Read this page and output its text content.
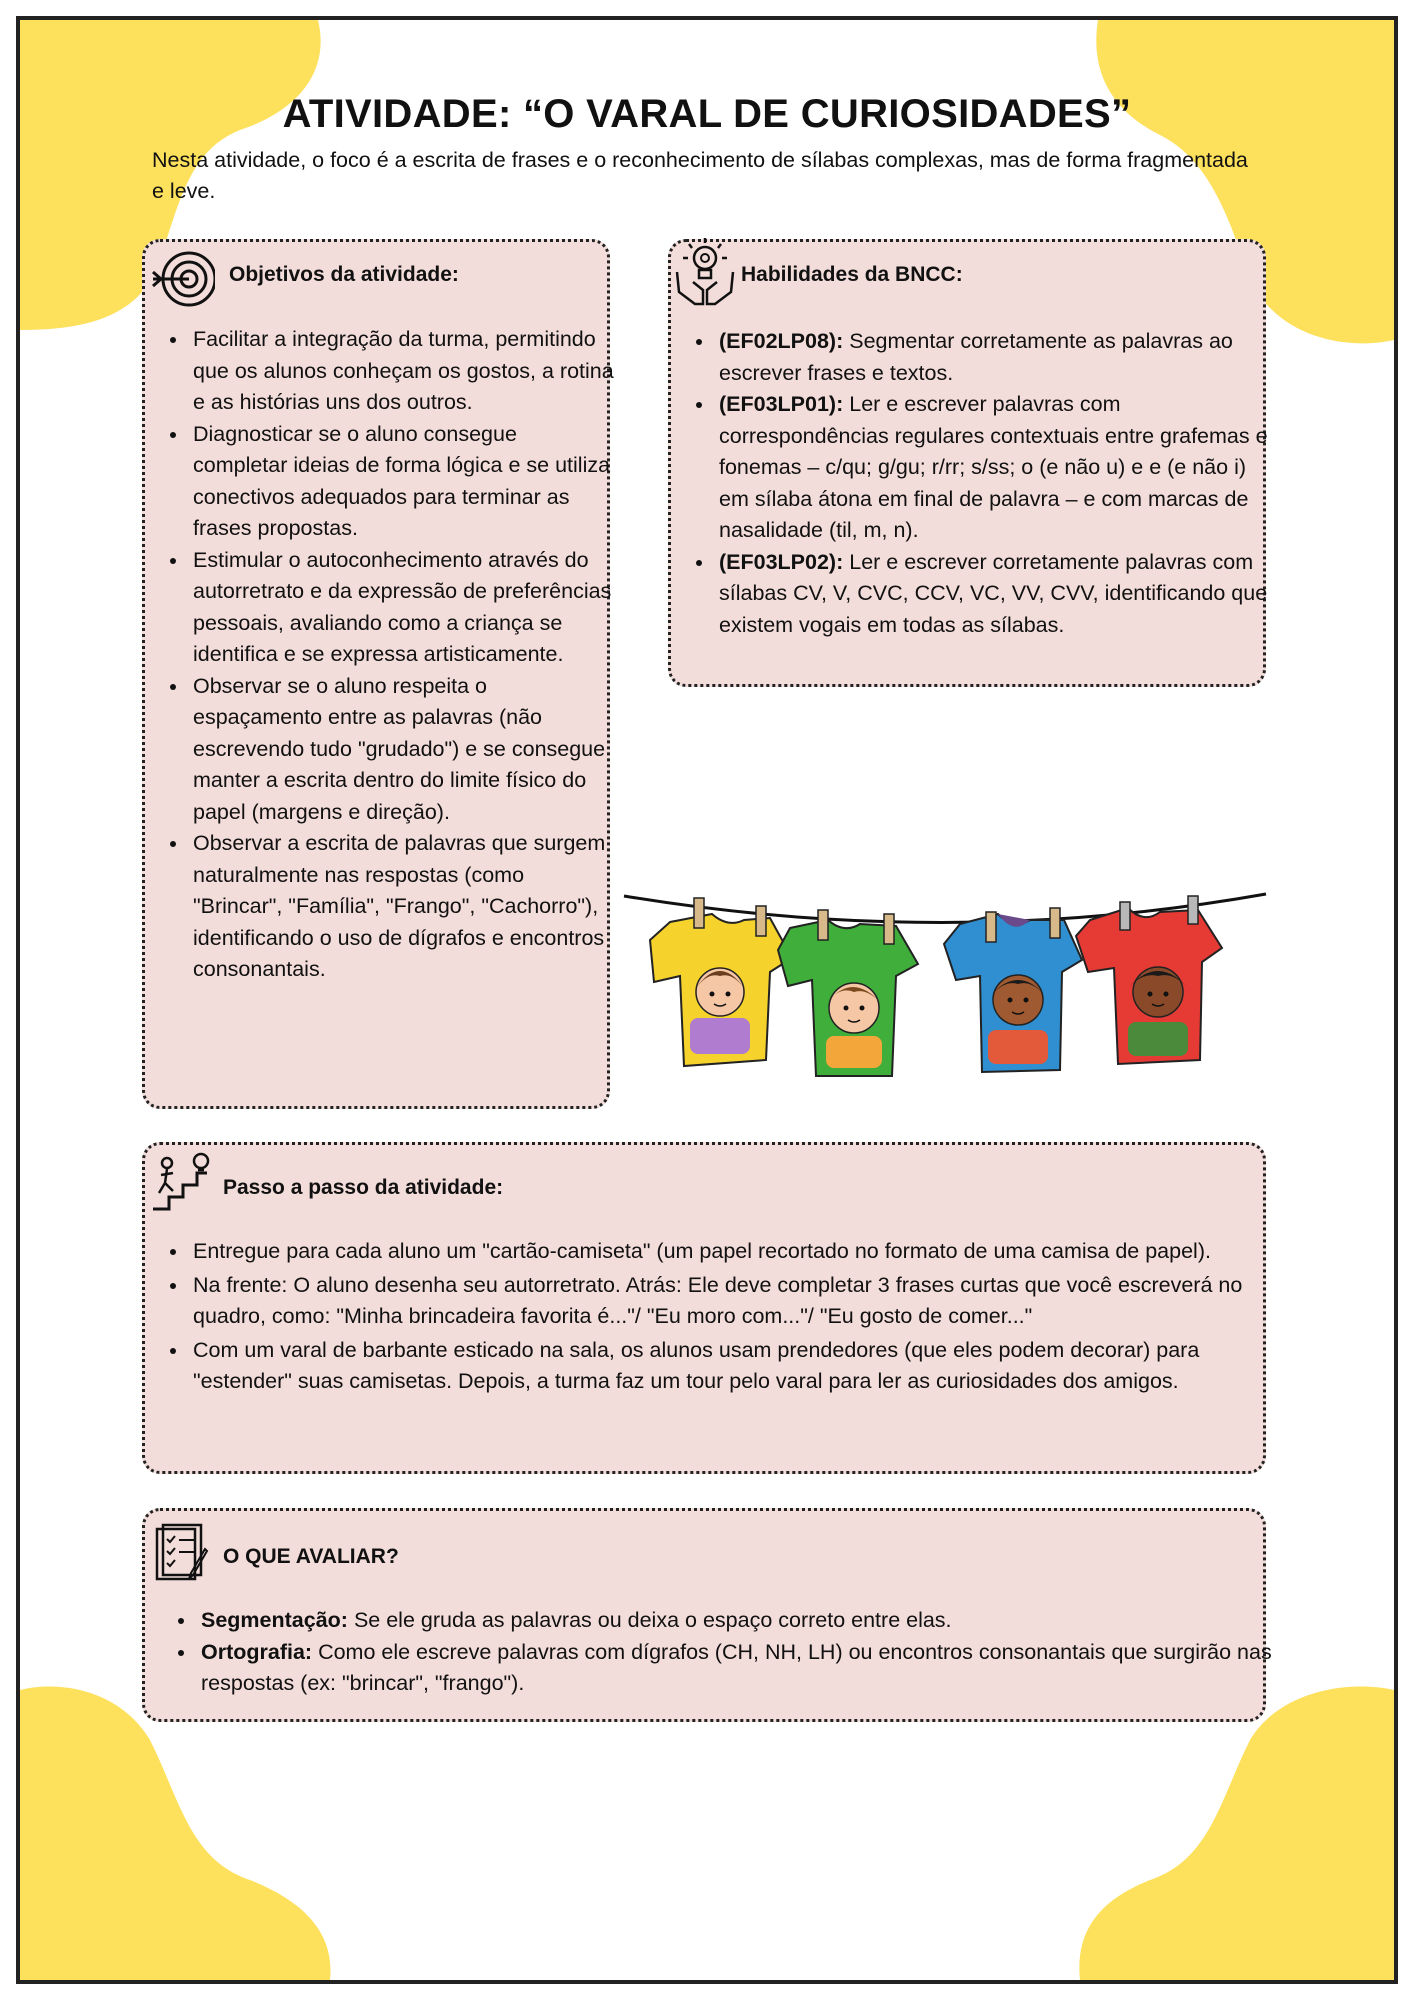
ATIVIDADE: “O VARAL DE CURIOSIDADES”

Nesta atividade, o foco é a escrita de frases e o reconhecimento de sílabas complexas, mas de forma fragmentada e leve.

Objetivos da atividade:
• Facilitar a integração da turma, permitindo que os alunos conheçam os gostos, a rotina e as histórias uns dos outros.
• Diagnosticar se o aluno consegue completar ideias de forma lógica e se utiliza conectivos adequados para terminar as frases propostas.
• Estimular o autoconhecimento através do autorretrato e da expressão de preferências pessoais, avaliando como a criança se identifica e se expressa artisticamente.
• Observar se o aluno respeita o espaçamento entre as palavras (não escrevendo tudo "grudado") e se consegue manter a escrita dentro do limite físico do papel (margens e direção).
• Observar a escrita de palavras que surgem naturalmente nas respostas (como "Brincar", "Família", "Frango", "Cachorro"), identificando o uso de dígrafos e encontros consonantais.
Habilidades da BNCC:
• (EF02LP08): Segmentar corretamente as palavras ao escrever frases e textos.
• (EF03LP01): Ler e escrever palavras com correspondências regulares contextuais entre grafemas e fonemas – c/qu; g/gu; r/rr; s/ss; o (e não u) e e (e não i) em sílaba átona em final de palavra – e com marcas de nasalidade (til, m, n).
• (EF03LP02): Ler e escrever corretamente palavras com sílabas CV, V, CVC, CCV, VC, VV, CVV, identificando que existem vogais em todas as sílabas.
Passo a passo da atividade:
• Entregue para cada aluno um "cartão-camiseta" (um papel recortado no formato de uma camisa de papel).
• Na frente: O aluno desenha seu autorretrato. Atrás: Ele deve completar 3 frases curtas que você escreverá no quadro, como: "Minha brincadeira favorita é..."/ "Eu moro com..."/ "Eu gosto de comer..."
• Com um varal de barbante esticado na sala, os alunos usam prendedores (que eles podem decorar) para "estender" suas camisetas. Depois, a turma faz um tour pelo varal para ler as curiosidades dos amigos.
O QUE AVALIAR?
• Segmentação: Se ele gruda as palavras ou deixa o espaço correto entre elas.
• Ortografia: Como ele escreve palavras com dígrafos (CH, NH, LH) ou encontros consonantais que surgirão nas respostas (ex: "brincar", "frango").
